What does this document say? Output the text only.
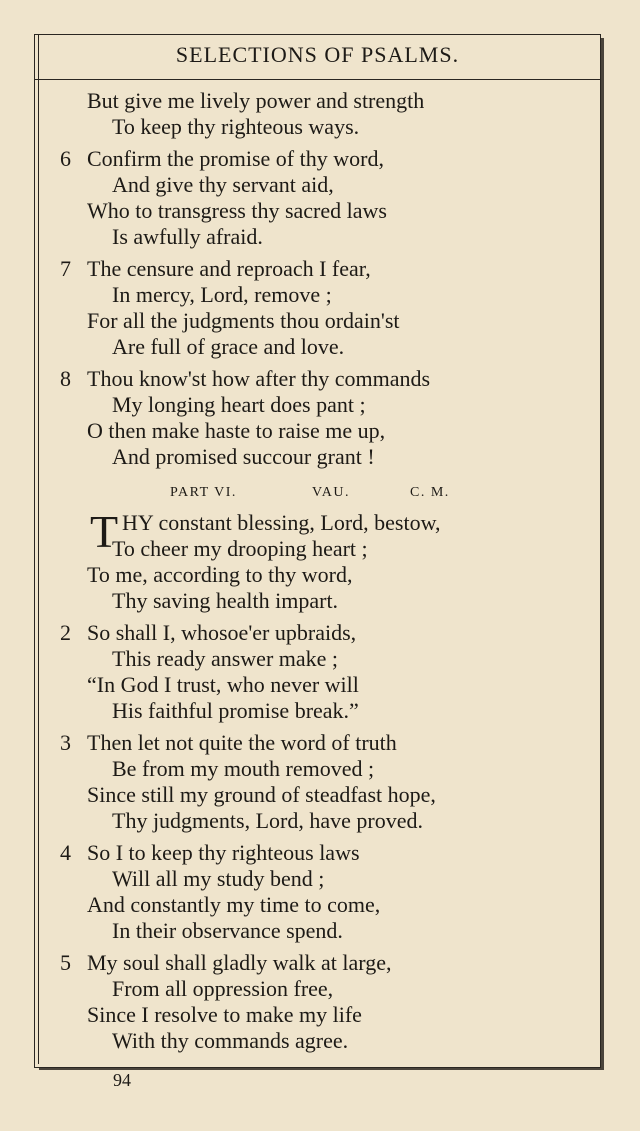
SELECTIONS OF PSALMS.
But give me lively power and strength
To keep thy righteous ways.
6 Confirm the promise of thy word,
And give thy servant aid,
Who to transgress thy sacred laws
Is awfully afraid.
7 The censure and reproach I fear,
In mercy, Lord, remove ;
For all the judgments thou ordain'st
Are full of grace and love.
8 Thou know'st how after thy commands
My longing heart does pant ;
O then make haste to raise me up,
And promised succour grant !
PART VI.	VAU.	C. M.
T HY constant blessing, Lord, bestow,
To cheer my drooping heart ;
To me, according to thy word,
Thy saving health impart.
2 So shall I, whosoe'er upbraids,
This ready answer make ;
“In God I trust, who never will
His faithful promise break.”
3 Then let not quite the word of truth
Be from my mouth removed ;
Since still my ground of steadfast hope,
Thy judgments, Lord, have proved.
4 So I to keep thy righteous laws
Will all my study bend ;
And constantly my time to come,
In their observance spend.
5 My soul shall gladly walk at large,
From all oppression free,
Since I resolve to make my life
With thy commands agree.
94
